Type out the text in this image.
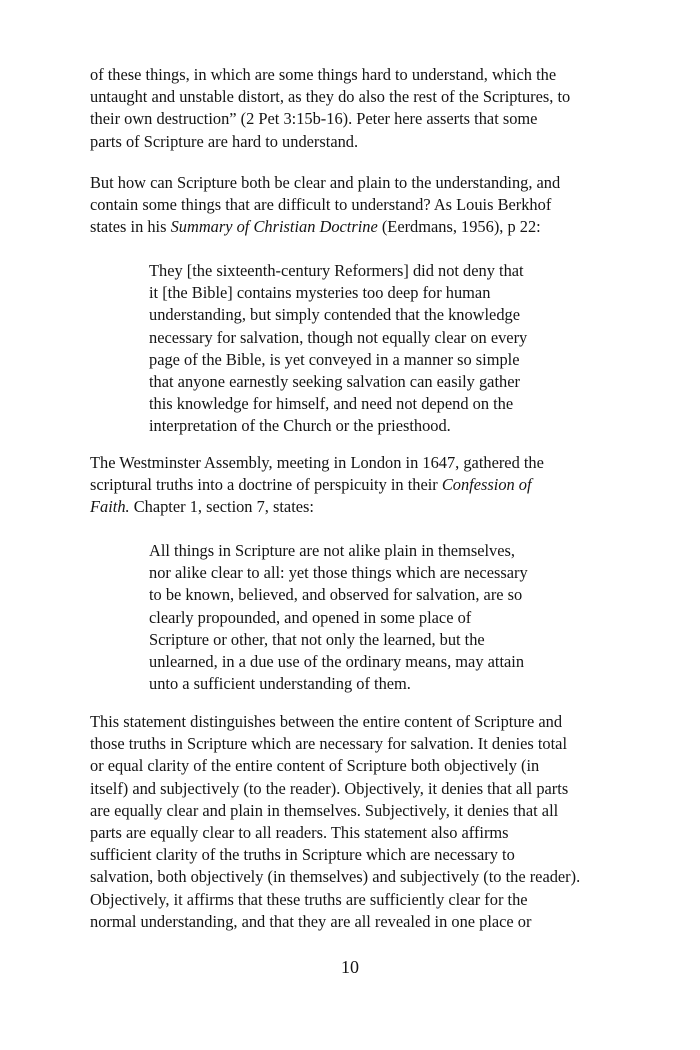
of these things, in which are some things hard to understand, which the
untaught and unstable distort, as they do also the rest of the Scriptures, to
their own destruction” (2 Pet 3:15b-16). Peter here asserts that some
parts of Scripture are hard to understand.

But how can Scripture both be clear and plain to the understanding, and
contain some things that are difficult to understand? As Louis Berkhof
states in his Summary of Christian Doctrine (Eerdmans, 1956), p 22:

They [the sixteenth-century Reformers] did not deny that
it [the Bible] contains mysteries too deep for human
understanding, but simply contended that the knowledge
necessary for salvation, though not equally clear on every
page of the Bible, is yet conveyed in a manner so simple
that anyone earnestly seeking salvation can easily gather
this knowledge for himself, and need not depend on the
interpretation of the Church or the priesthood.

The Westminster Assembly, meeting in London in 1647, gathered the
scriptural truths into a doctrine of perspicuity in their Confession of
Faith. Chapter 1, section 7, states:

All things in Scripture are not alike plain in themselves,
nor alike clear to all: yet those things which are necessary
to be known, believed, and observed for salvation, are so
clearly propounded, and opened in some place of
Scripture or other, that not only the learned, but the
unlearned, in a due use of the ordinary means, may attain
unto a sufficient understanding of them.

This statement distinguishes between the entire content of Scripture and
those truths in Scripture which are necessary for salvation. It denies total
or equal clarity of the entire content of Scripture both objectively (in
itself) and subjectively (to the reader). Objectively, it denies that all parts
are equally clear and plain in themselves. Subjectively, it denies that all
parts are equally clear to all readers. This statement also affirms
sufficient clarity of the truths in Scripture which are necessary to
salvation, both objectively (in themselves) and subjectively (to the reader).
Objectively, it affirms that these truths are sufficiently clear for the
normal understanding, and that they are all revealed in one place or

10
